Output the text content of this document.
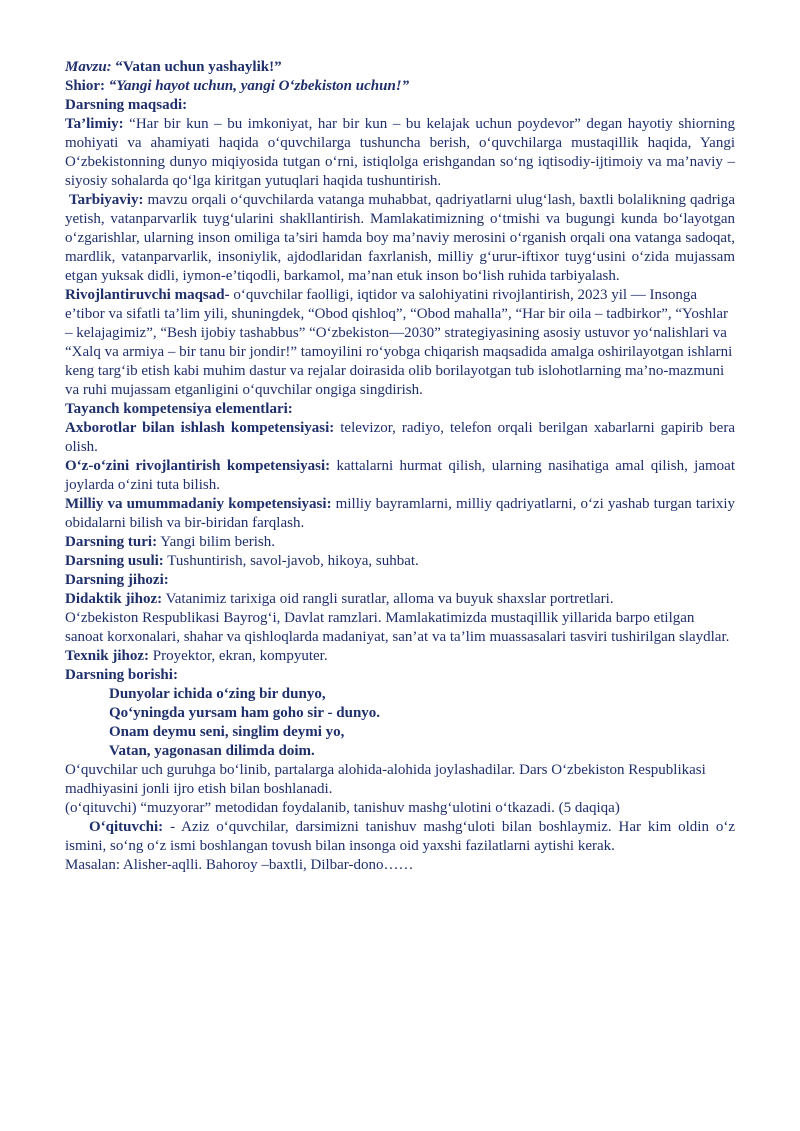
Mavzu: “Vatan uchun yashaylik!”

Shior: “Yangi hayot uchun, yangi O‘zbekiston uchun!”

Darsning maqsadi:

Ta’limiy: “Har bir kun – bu imkoniyat, har bir kun – bu kelajak uchun poydevor” degan hayotiy shiorning mohiyati va ahamiyati haqida o‘quvchilarga tushuncha berish, o‘quvchilarga mustaqillik haqida, Yangi O‘zbekistonning dunyo miqiyosida tutgan o‘rni, istiqlolga erishgandan so‘ng iqtisodiy-ijtimoiy va ma’naviy – siyosiy sohalarda qo‘lga kiritgan yutuqlari haqida tushuntirish.

Tarbiyaviy: mavzu orqali o‘quvchilarda vatanga muhabbat, qadriyatlarni ulug‘lash, baxtli bolalikning qadriga yetish, vatanparvarlik tuyg‘ularini shakllantirish. Mamlakatimizning o‘tmishi va bugungi kunda bo‘layotgan o‘zgarishlar, ularning inson omiliga ta’siri hamda boy ma’naviy merosini o‘rganish orqali ona vatanga sadoqat, mardlik, vatanparvarlik, insoniylik, ajdodlaridan faxrlanish, milliy g‘urur-iftixor tuyg‘usini o‘zida mujassam etgan yuksak didli, iymon-e’tiqodli, barkamol, ma’nan etuk inson bo‘lish ruhida tarbiyalash.

Rivojlantiruvchi maqsad- o‘quvchilar faolligi, iqtidor va salohiyatini rivojlantirish, 2023 yil — Insonga e’tibor va sifatli ta’lim yili, shuningdek, “Obod qishloq”, “Obod mahalla”, “Har bir oila – tadbirkor”, “Yoshlar – kelajagimiz”, “Besh ijobiy tashabbus” “O‘zbekiston—2030” strategiyasining asosiy ustuvor yo‘nalishlari va “Xalq va armiya – bir tanu bir jondir!” tamoyilini ro‘yobga chiqarish maqsadida amalga oshirilayotgan ishlarni keng targ‘ib etish kabi muhim dastur va rejalar doirasida olib borilayotgan tub islohotlarning ma’no-mazmuni va ruhi mujassam etganligini o‘quvchilar ongiga singdirish.

Tayanch kompetensiya elementlari:

Axborotlar bilan ishlash kompetensiyasi: televizor, radiyo, telefon orqali berilgan xabarlarni gapirib bera olish.

O‘z-o‘zini rivojlantirish kompetensiyasi: kattalarni hurmat qilish, ularning nasihatiga amal qilish, jamoat joylarda o‘zini tuta bilish.

Milliy va umummadaniy kompetensiyasi: milliy bayramlarni, milliy qadriyatlarni, o‘zi yashab turgan tarixiy obidalarni bilish va bir-biridan farqlash.

Darsning turi: Yangi bilim berish.

Darsning usuli: Tushuntirish, savol-javob, hikoya, suhbat.

Darsning jihozi:

Didaktik jihoz: Vatanimiz tarixiga oid rangli suratlar, alloma va buyuk shaxslar portretlari.

O‘zbekiston Respublikasi Bayrog‘i, Davlat ramzlari. Mamlakatimizda mustaqillik yillarida barpo etilgan sanoat korxonalari, shahar va qishloqlarda madaniyat, san’at va ta’lim muassasalari tasviri tushirilgan slaydlar.

Texnik jihoz: Proyektor, ekran, kompyuter.

Darsning borishi:

Dunyolar ichida o‘zing bir dunyo,

Qo‘yningda yursam ham goho sir - dunyo.

Onam deymu seni, singlim deymi yo,

Vatan, yagonasan dilimda doim.

O‘quvchilar uch guruhga bo‘linib, partalarga alohida-alohida joylashadilar. Dars O‘zbekiston Respublikasi madhiyasini jonli ijro etish bilan boshlanadi.

(o‘qituvchi) “muzyorar” metodidan foydalanib, tanishuv mashg‘ulotini o‘tkazadi. (5 daqiqa)

O‘qituvchi: - Aziz o‘quvchilar, darsimizni tanishuv mashg‘uloti bilan boshlaymiz. Har kim oldin o‘z ismini, so‘ng o‘z ismi boshlangan tovush bilan insonga oid yaxshi fazilatlarni aytishi kerak.

Masalan: Alisher-aqlli. Bahoroy –baxtli, Dilbar-dono……
